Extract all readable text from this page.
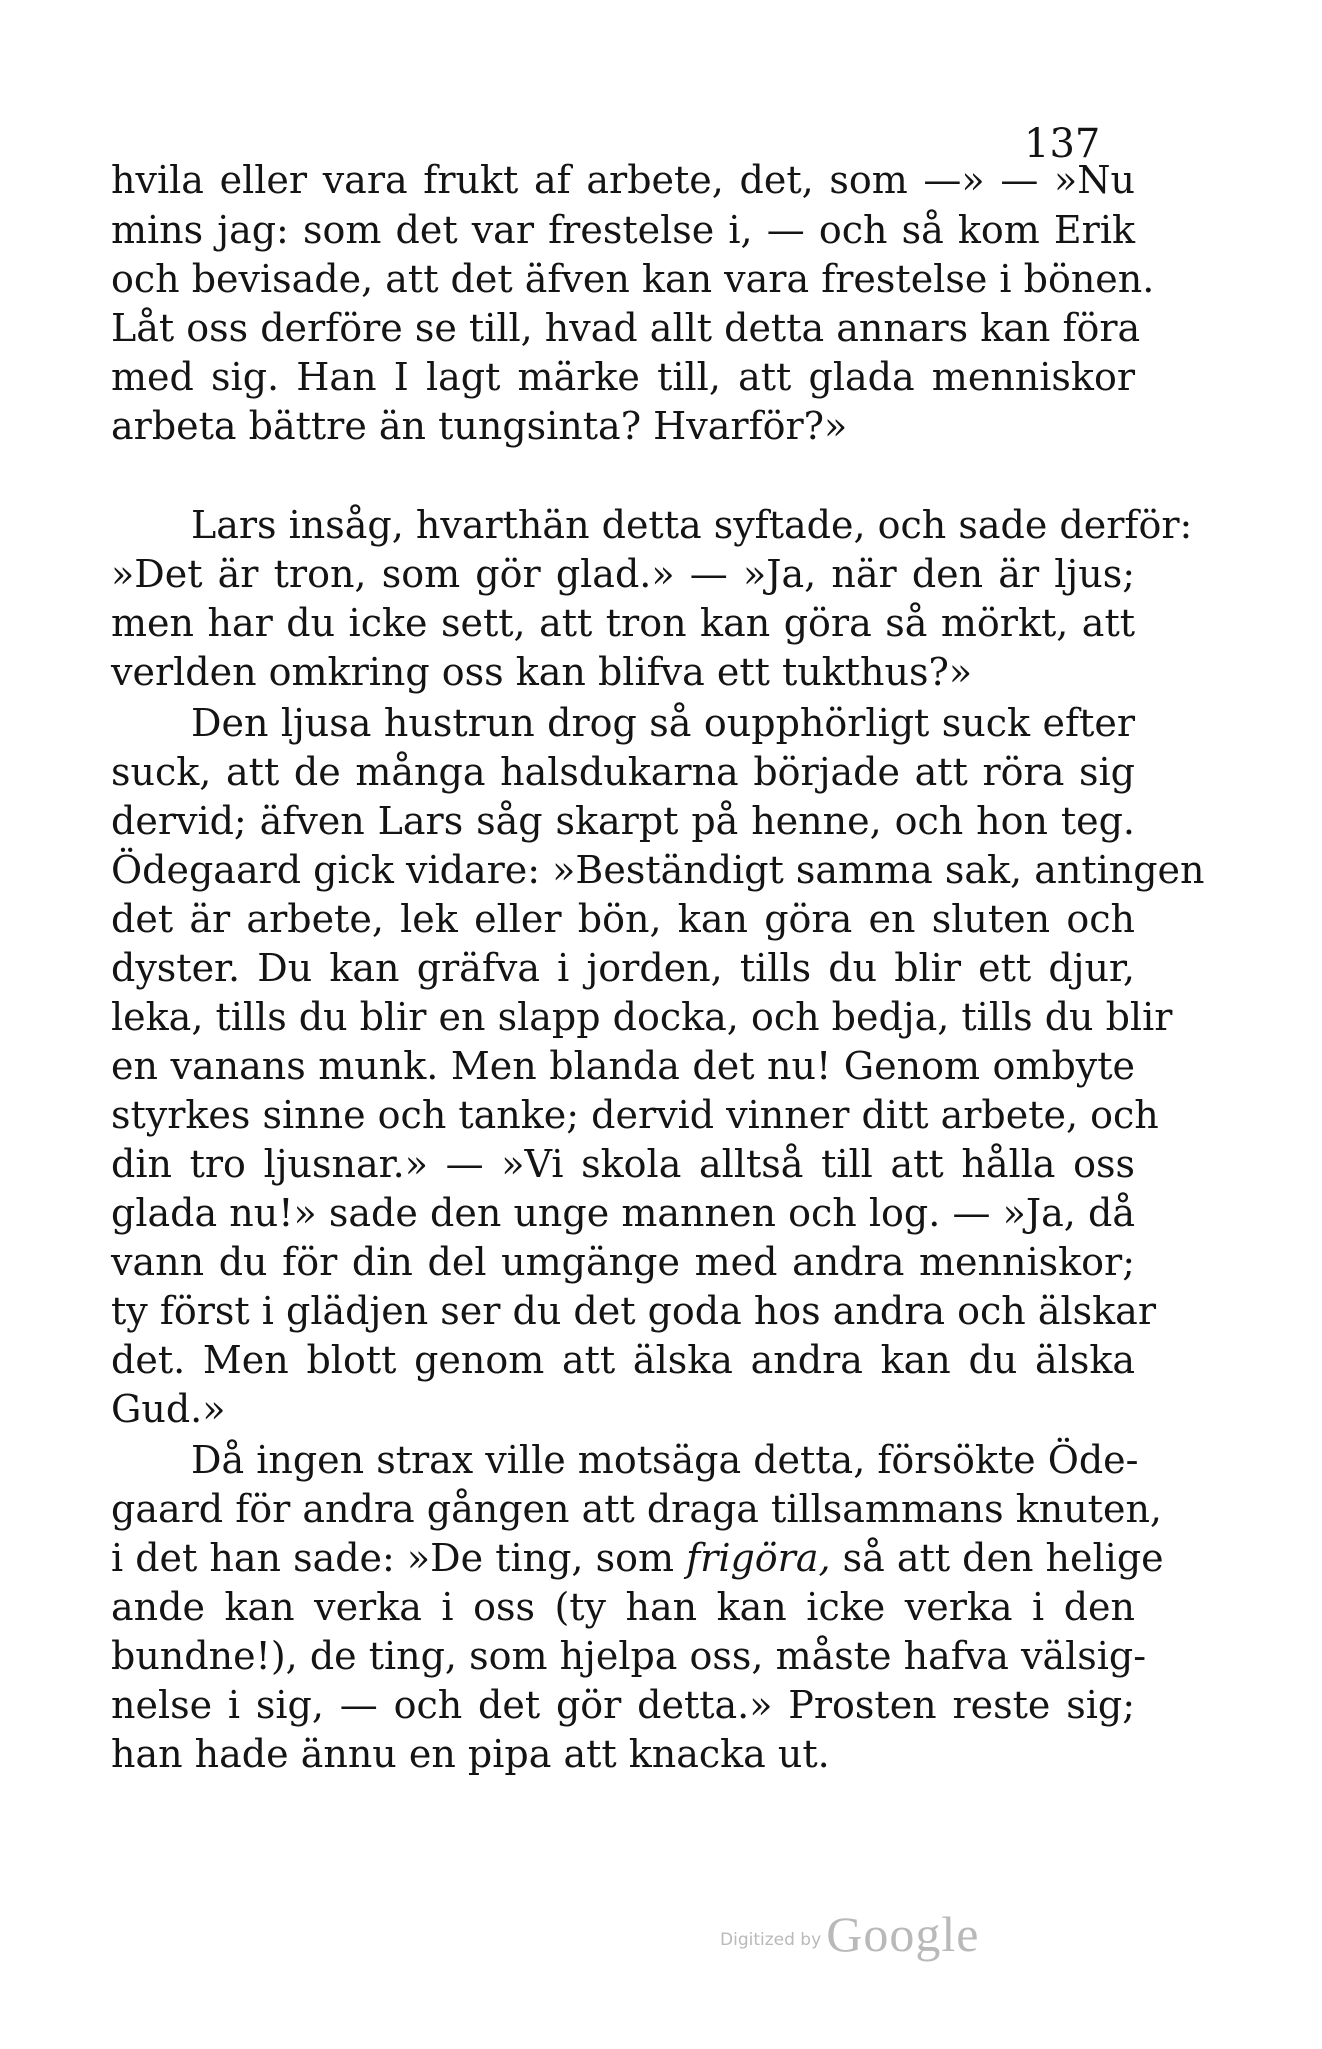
137
hvila eller vara frukt af arbete, det, som —» — »Nu
mins jag: som det var frestelse i, — och så kom Erik
och bevisade, att det äfven kan vara frestelse i bönen.
Låt oss derföre se till, hvad allt detta annars kan föra
med sig. Han I lagt märke till, att glada menniskor
arbeta bättre än tungsinta? Hvarför?»
Lars insåg, hvarthän detta syftade, och sade derför:
»Det är tron, som gör glad.» — »Ja, när den är ljus;
men har du icke sett, att tron kan göra så mörkt, att
verlden omkring oss kan blifva ett tukthus?»
Den ljusa hustrun drog så oupphörligt suck efter
suck, att de många halsdukarna började att röra sig
dervid; äfven Lars såg skarpt på henne, och hon teg.
Ödegaard gick vidare: »Beständigt samma sak, antingen
det är arbete, lek eller bön, kan göra en sluten och
dyster. Du kan gräfva i jorden, tills du blir ett djur,
leka, tills du blir en slapp docka, och bedja, tills du blir
en vanans munk. Men blanda det nu! Genom ombyte
styrkes sinne och tanke; dervid vinner ditt arbete, och
din tro ljusnar.» — »Vi skola alltså till att hålla oss
glada nu!» sade den unge mannen och log. — »Ja, då
vann du för din del umgänge med andra menniskor;
ty först i glädjen ser du det goda hos andra och älskar
det. Men blott genom att älska andra kan du älska
Gud.»
Då ingen strax ville motsäga detta, försökte Öde-
gaard för andra gången att draga tillsammans knuten,
i det han sade: »De ting, som frigöra, så att den helige
ande kan verka i oss (ty han kan icke verka i den
bundne!), de ting, som hjelpa oss, måste hafva välsig-
nelse i sig, — och det gör detta.» Prosten reste sig;
han hade ännu en pipa att knacka ut.
Digitized by Google
